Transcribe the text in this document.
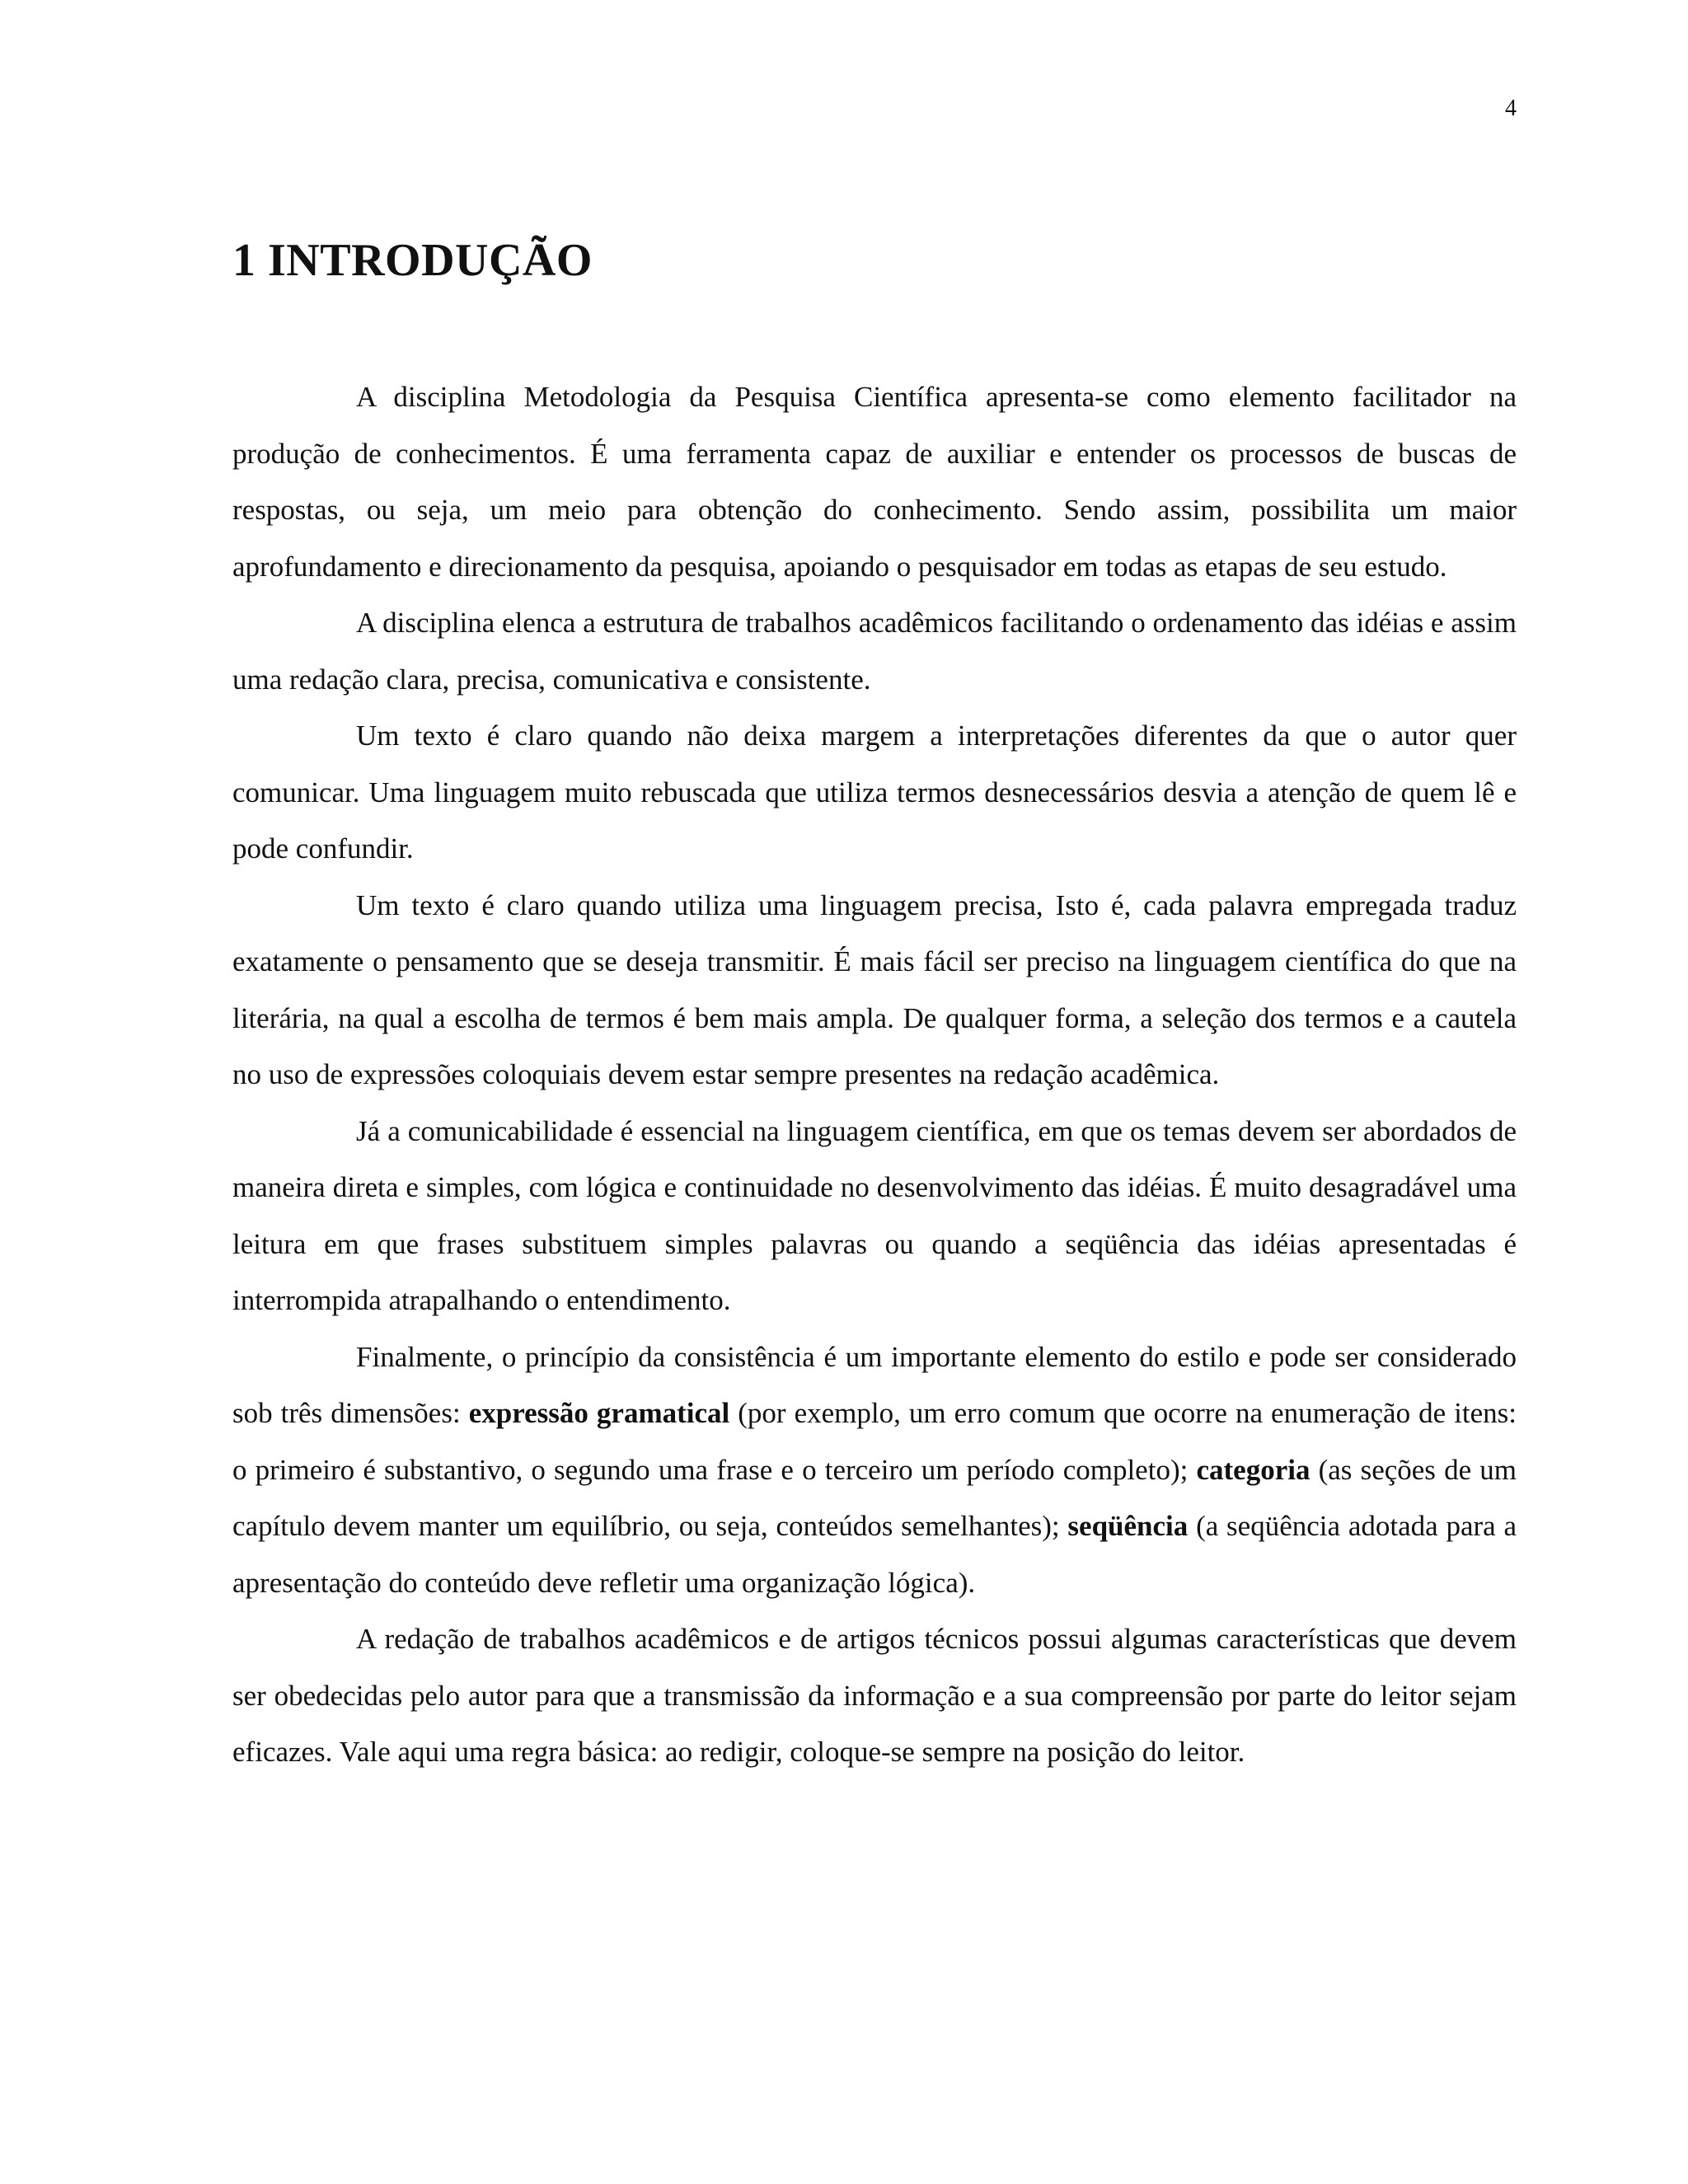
4
1 INTRODUÇÃO

A disciplina Metodologia da Pesquisa Científica apresenta-se como elemento facilitador na produção de conhecimentos. É uma ferramenta capaz de auxiliar e entender os processos de buscas de respostas, ou seja, um meio para obtenção do conhecimento. Sendo assim, possibilita um maior aprofundamento e direcionamento da pesquisa, apoiando o pesquisador em todas as etapas de seu estudo.

A disciplina elenca a estrutura de trabalhos acadêmicos facilitando o ordenamento das idéias e assim uma redação clara, precisa, comunicativa e consistente.

Um texto é claro quando não deixa margem a interpretações diferentes da que o autor quer comunicar. Uma linguagem muito rebuscada que utiliza termos desnecessários desvia a atenção de quem lê e pode confundir.

Um texto é claro quando utiliza uma linguagem precisa, Isto é, cada palavra empregada traduz exatamente o pensamento que se deseja transmitir. É mais fácil ser preciso na linguagem científica do que na literária, na qual a escolha de termos é bem mais ampla. De qualquer forma, a seleção dos termos e a cautela no uso de expressões coloquiais devem estar sempre presentes na redação acadêmica.

Já a comunicabilidade é essencial na linguagem científica, em que os temas devem ser abordados de maneira direta e simples, com lógica e continuidade no desenvolvimento das idéias. É muito desagradável uma leitura em que frases substituem simples palavras ou quando a seqüência das idéias apresentadas é interrompida atrapalhando o entendimento.

Finalmente, o princípio da consistência é um importante elemento do estilo e pode ser considerado sob três dimensões: expressão gramatical (por exemplo, um erro comum que ocorre na enumeração de itens: o primeiro é substantivo, o segundo uma frase e o terceiro um período completo); categoria (as seções de um capítulo devem manter um equilíbrio, ou seja, conteúdos semelhantes); seqüência (a seqüência adotada para a apresentação do conteúdo deve refletir uma organização lógica).

A redação de trabalhos acadêmicos e de artigos técnicos possui algumas características que devem ser obedecidas pelo autor para que a transmissão da informação e a sua compreensão por parte do leitor sejam eficazes. Vale aqui uma regra básica: ao redigir, coloque-se sempre na posição do leitor.
